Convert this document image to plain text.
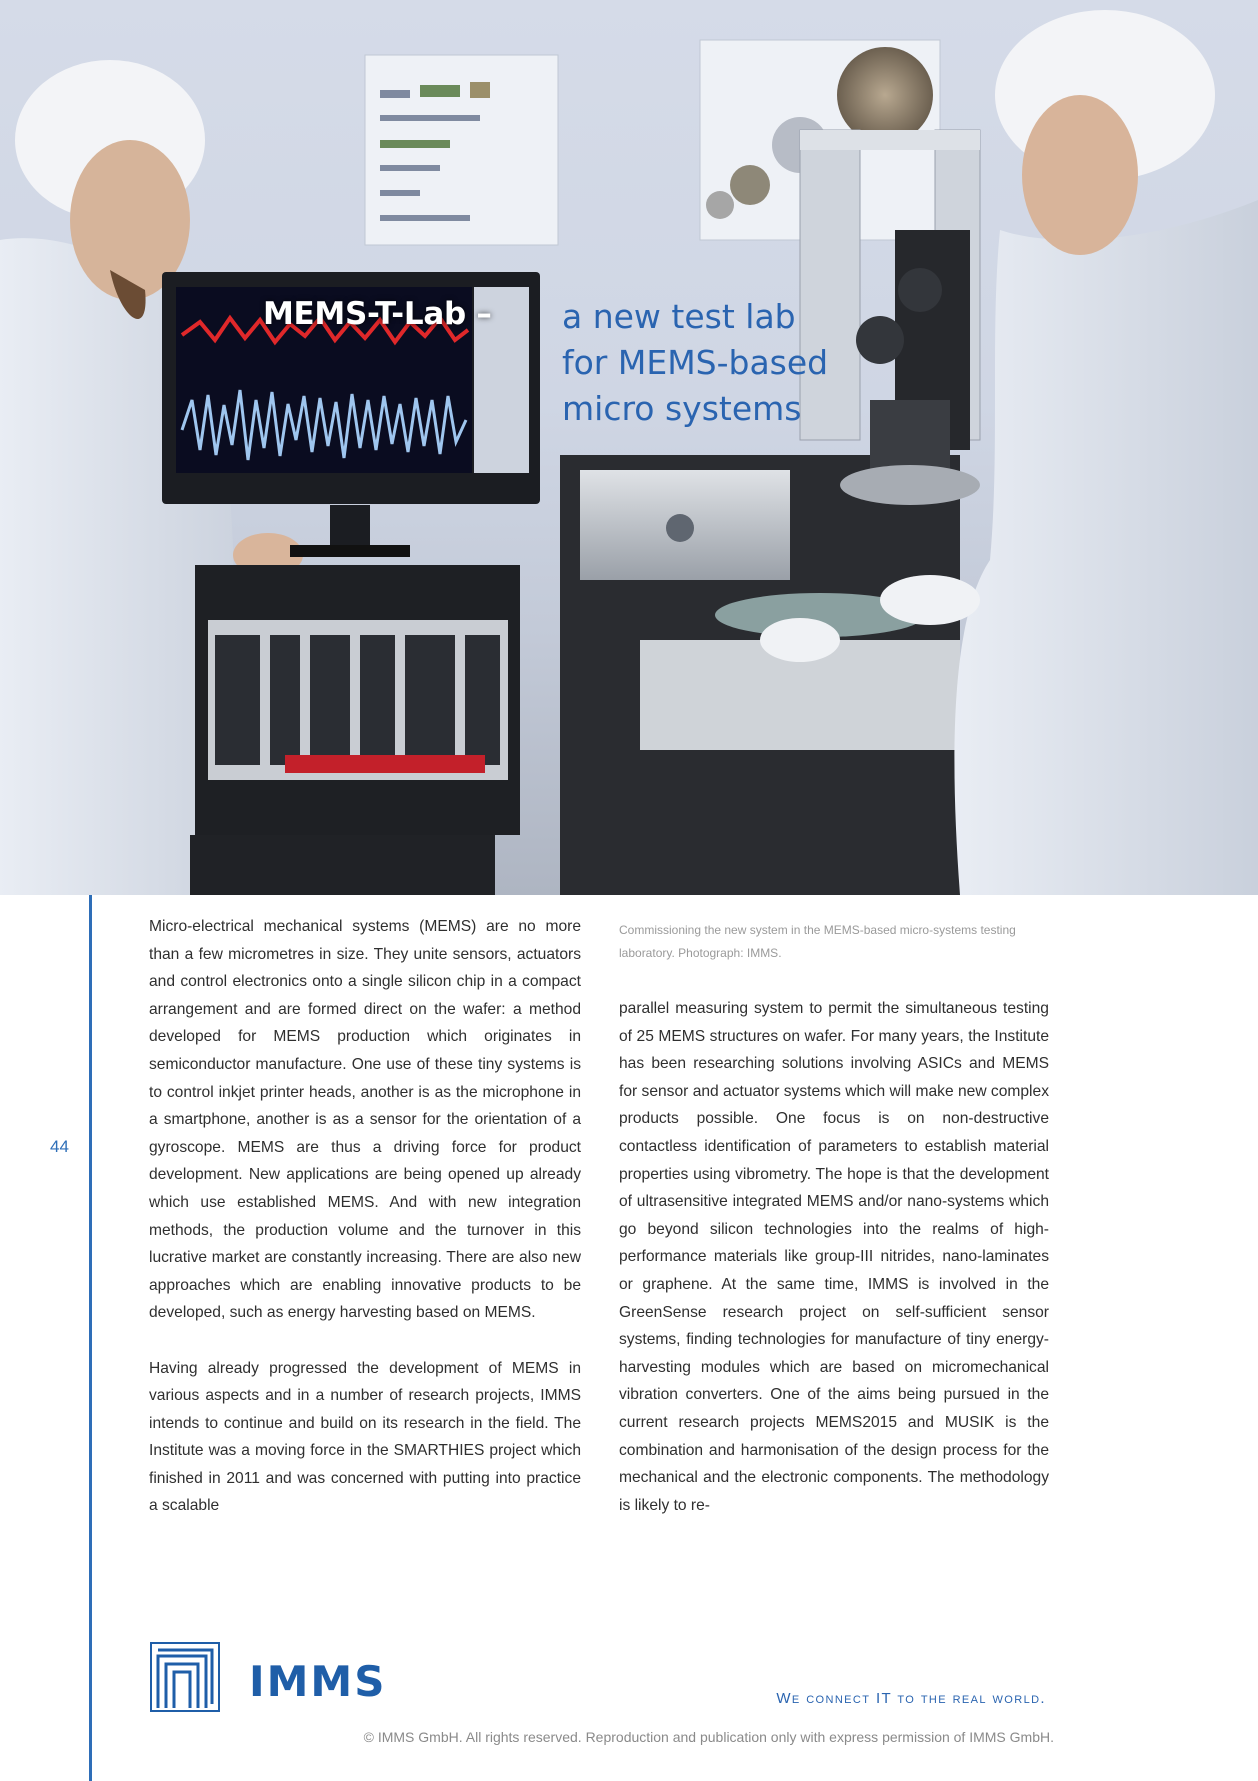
MEMS-T-Lab – a new test lab
for MEMS-based
micro systems
44

Micro-electrical mechanical systems (MEMS) are no more than a few micrometres in size. They unite sensors, actuators and control electronics onto a single silicon chip in a compact arrangement and are formed direct on the wafer: a method developed for MEMS production which originates in semiconductor manufacture. One use of these tiny systems is to control inkjet printer heads, another is as the microphone in a smartphone, another is as a sensor for the orientation of a gyroscope. MEMS are thus a driving force for product development. New applications are being opened up already which use established MEMS. And with new integration methods, the production volume and the turnover in this lucrative market are constantly increasing. There are also new approaches which are enabling innovative products to be developed, such as energy harvesting based on MEMS.

Having already progressed the development of MEMS in various aspects and in a number of research projects, IMMS intends to continue and build on its research in the field. The Institute was a moving force in the SMARTHIES project which finished in 2011 and was concerned with putting into practice a scalable

Commissioning the new system in the MEMS-based micro-systems testing laboratory. Photograph: IMMS.

parallel measuring system to permit the simultaneous testing of 25 MEMS structures on wafer. For many years, the Institute has been researching solutions involving ASICs and MEMS for sensor and actuator systems which will make new complex products possible. One focus is on non-destructive contactless identification of parameters to establish material properties using vibrometry. The hope is that the development of ultrasensitive integrated MEMS and/or nano-systems which go beyond silicon technologies into the realms of high-performance materials like group-III nitrides, nano-laminates or graphene. At the same time, IMMS is involved in the GreenSense research project on self-sufficient sensor systems, finding technologies for manufacture of tiny energy-harvesting modules which are based on micromechanical vibration converters. One of the aims being pursued in the current research projects MEMS2015 and MUSIK is the combination and harmonisation of the design process for the mechanical and the electronic components. The methodology is likely to re-

IMMS	We connect IT to the real world.
© IMMS GmbH. All rights reserved. Reproduction and publication only with express permission of IMMS GmbH.
